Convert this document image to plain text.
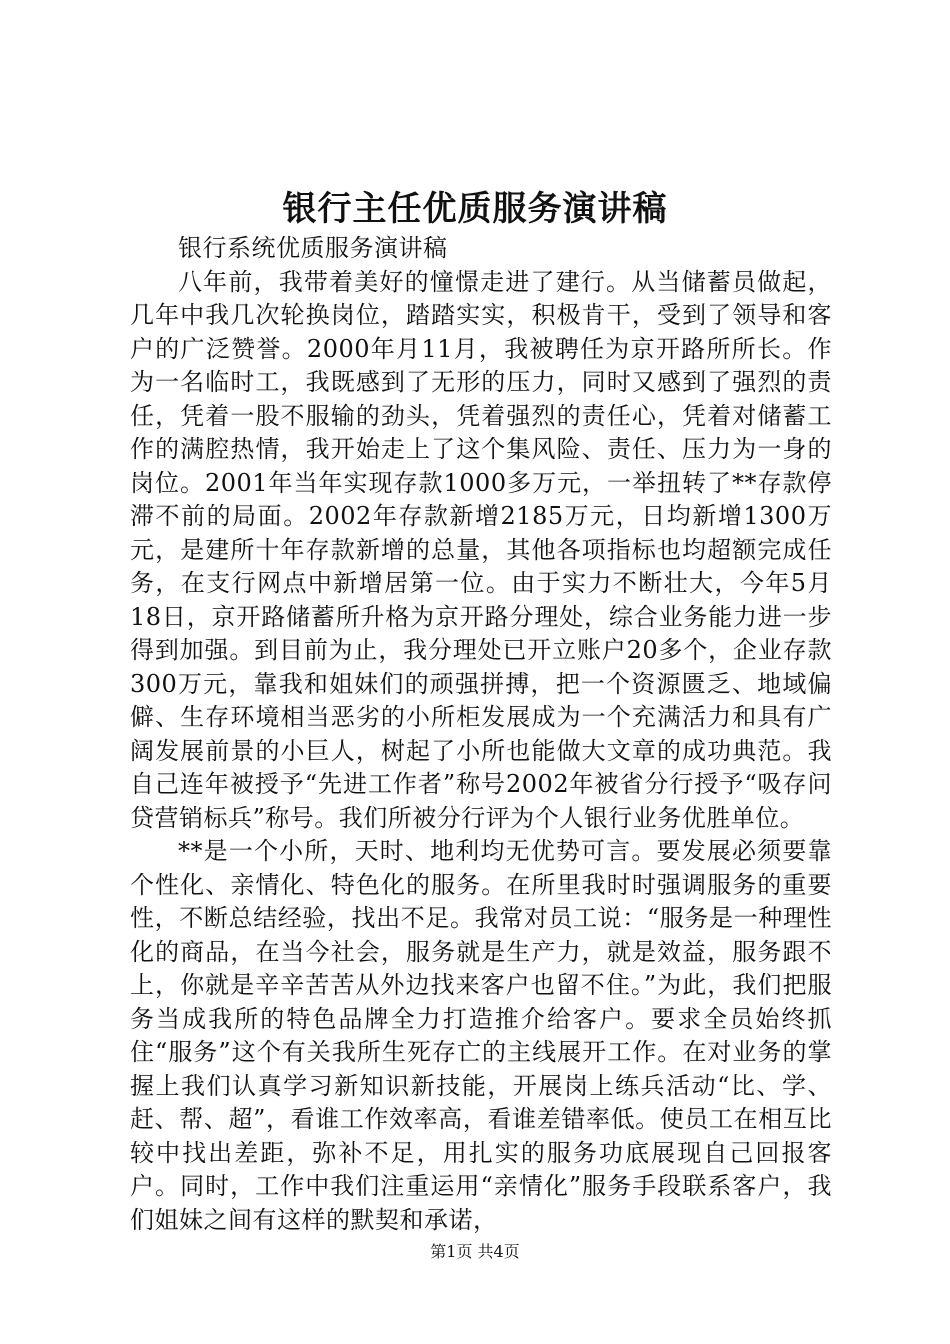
银行主任优质服务演讲稿

银行系统优质服务演讲稿

八年前，我带着美好的憧憬走进了建行。从当储蓄员做起，几年中我几次轮换岗位，踏踏实实，积极肯干，受到了领导和客户的广泛赞誉。2000年月11月，我被聘任为京开路所所长。作为一名临时工，我既感到了无形的压力，同时又感到了强烈的责任，凭着一股不服输的劲头，凭着强烈的责任心，凭着对储蓄工作的满腔热情，我开始走上了这个集风险、责任、压力为一身的岗位。2001年当年实现存款1000多万元，一举扭转了**存款停滞不前的局面。2002年存款新增2185万元，日均新增1300万元，是建所十年存款新增的总量，其他各项指标也均超额完成任务，在支行网点中新增居第一位。由于实力不断壮大，今年5月18日，京开路储蓄所升格为京开路分理处，综合业务能力进一步得到加强。到目前为止，我分理处已开立账户20多个，企业存款300万元，靠我和姐妹们的顽强拼搏，把一个资源匮乏、地域偏僻、生存环境相当恶劣的小所柜发展成为一个充满活力和具有广阔发展前景的小巨人，树起了小所也能做大文章的成功典范。我自己连年被授予“先进工作者”称号2002年被省分行授予“吸存问贷营销标兵”称号。我们所被分行评为个人银行业务优胜单位。

**是一个小所，天时、地利均无优势可言。要发展必须要靠个性化、亲情化、特色化的服务。在所里我时时强调服务的重要性，不断总结经验，找出不足。我常对员工说：“服务是一种理性化的商品，在当今社会，服务就是生产力，就是效益，服务跟不上，你就是辛辛苦苦从外边找来客户也留不住。”为此，我们把服务当成我所的特色品牌全力打造推介给客户。要求全员始终抓住“服务”这个有关我所生死存亡的主线展开工作。在对业务的掌握上我们认真学习新知识新技能，开展岗上练兵活动“比、学、赶、帮、超”，看谁工作效率高，看谁差错率低。使员工在相互比较中找出差距，弥补不足，用扎实的服务功底展现自己回报客户。同时，工作中我们注重运用“亲情化”服务手段联系客户，我们姐妹之间有这样的默契和承诺，

第1页 共4页
